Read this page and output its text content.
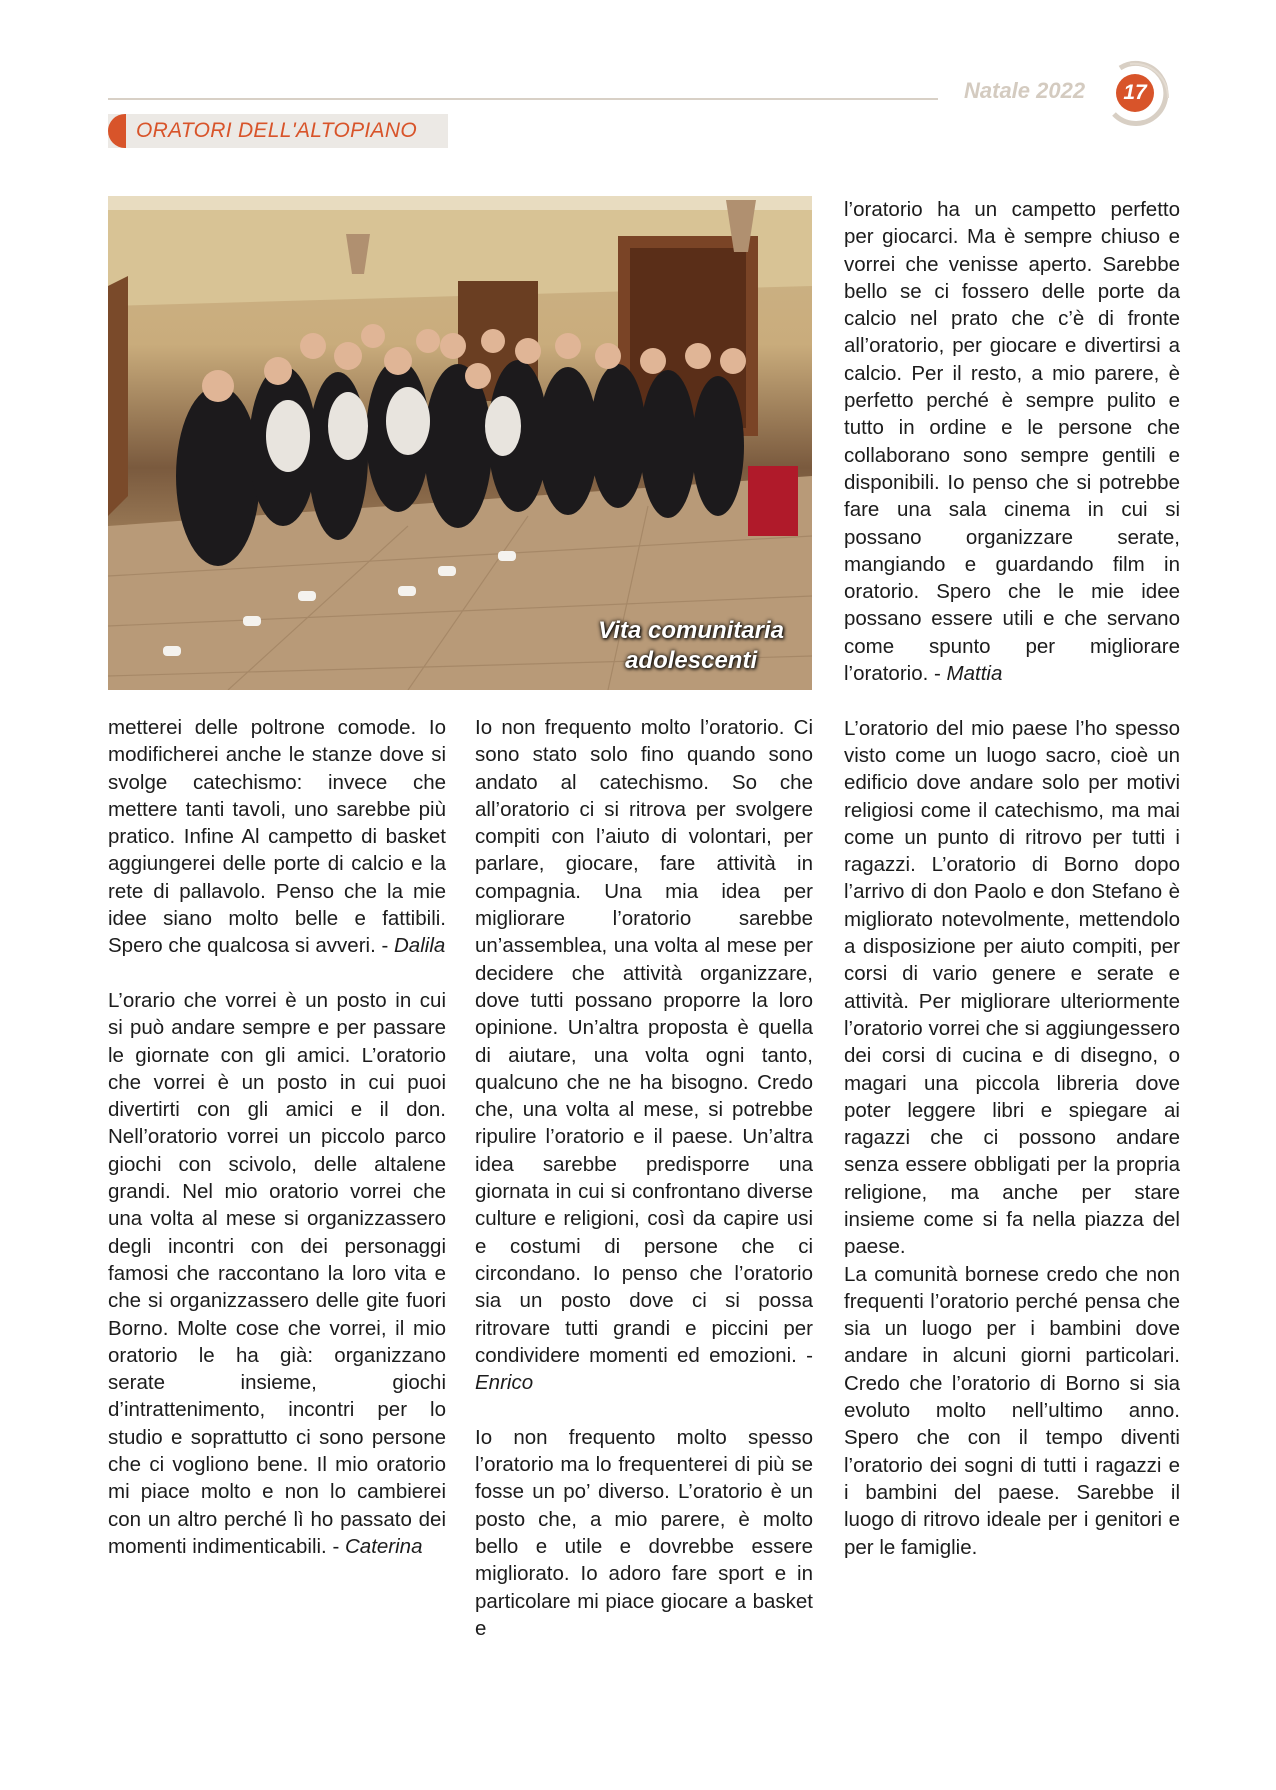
Natale 2022	17
ORATORI DELL'ALTOPIANO
Vita comunitaria
adolescenti

metterei delle poltrone comode. Io modificherei anche le stanze dove si svolge catechismo: invece che mettere tanti tavoli, uno sarebbe più pratico. Infine Al campetto di basket aggiungerei delle porte di calcio e la rete di pallavolo. Penso che la mie idee siano molto belle e fattibili. Spero che qualcosa si avveri. - Dalila

L’orario che vorrei è un posto in cui si può andare sempre e per passare le giornate con gli amici. L’oratorio che vorrei è un posto in cui puoi divertirti con gli amici e il don. Nell’oratorio vorrei un piccolo parco giochi con scivolo, delle altalene grandi. Nel mio oratorio vorrei che una volta al mese si organizzassero degli incontri con dei personaggi famosi che raccontano la loro vita e che si organizzassero delle gite fuori Borno. Molte cose che vorrei, il mio oratorio le ha già: organizzano serate insieme, giochi d’intrattenimento, incontri per lo studio e soprattutto ci sono persone che ci vogliono bene. Il mio oratorio mi piace molto e non lo cambierei con un altro perché lì ho passato dei momenti indimenticabili. - Caterina

Io non frequento molto l’oratorio. Ci sono stato solo fino quando sono andato al catechismo. So che all’oratorio ci si ritrova per svolgere compiti con l’aiuto di volontari, per parlare, giocare, fare attività in compagnia. Una mia idea per migliorare l’oratorio sarebbe un’assemblea, una volta al mese per decidere che attività organizzare, dove tutti possano proporre la loro opinione. Un’altra proposta è quella di aiutare, una volta ogni tanto, qualcuno che ne ha bisogno. Credo che, una volta al mese, si potrebbe ripulire l’oratorio e il paese. Un’altra idea sarebbe predisporre una giornata in cui si confrontano diverse culture e religioni, così da capire usi e costumi di persone che ci circondano. Io penso che l’oratorio sia un posto dove ci si possa ritrovare tutti grandi e piccini per condividere momenti ed emozioni. - Enrico

Io non frequento molto spesso l’oratorio ma lo frequenterei di più se fosse un po’ diverso. L’oratorio è un posto che, a mio parere, è molto bello e utile e dovrebbe essere migliorato. Io adoro fare sport e in particolare mi piace giocare a basket e

l’oratorio ha un campetto perfetto per giocarci. Ma è sempre chiuso e vorrei che venisse aperto. Sarebbe bello se ci fossero delle porte da calcio nel prato che c’è di fronte all’oratorio, per giocare e divertirsi a calcio. Per il resto, a mio parere, è perfetto perché è sempre pulito e tutto in ordine e le persone che collaborano sono sempre gentili e disponibili. Io penso che si potrebbe fare una sala cinema in cui si possano organizzare serate, mangiando e guardando film in oratorio. Spero che le mie idee possano essere utili e che servano come spunto per migliorare l’oratorio. - Mattia

L’oratorio del mio paese l’ho spesso visto come un luogo sacro, cioè un edificio dove andare solo per motivi religiosi come il catechismo, ma mai come un punto di ritrovo per tutti i ragazzi. L’oratorio di Borno dopo l’arrivo di don Paolo e don Stefano è migliorato notevolmente, mettendolo a disposizione per aiuto compiti, per corsi di vario genere e serate e attività. Per migliorare ulteriormente l’oratorio vorrei che si aggiungessero dei corsi di cucina e di disegno, o magari una piccola libreria dove poter leggere libri e spiegare ai ragazzi che ci possono andare senza essere obbligati per la propria religione, ma anche per stare insieme come si fa nella piazza del paese.

La comunità bornese credo che non frequenti l’oratorio perché pensa che sia un luogo per i bambini dove andare in alcuni giorni particolari. Credo che l’oratorio di Borno si sia evoluto molto nell’ultimo anno. Spero che con il tempo diventi l’oratorio dei sogni di tutti i ragazzi e i bambini del paese. Sarebbe il luogo di ritrovo ideale per i genitori e per le famiglie.
